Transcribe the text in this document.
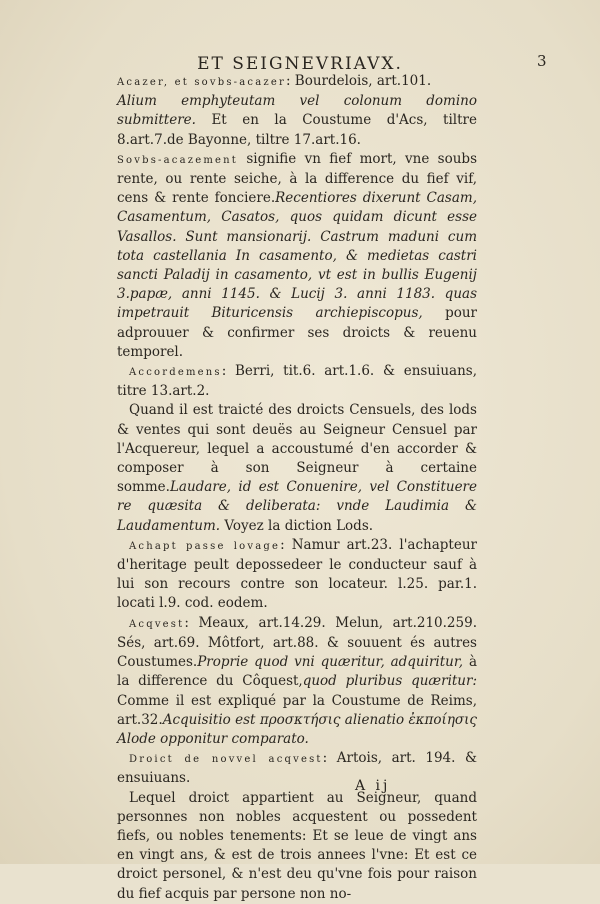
ET SEIGNEVRIAVX.	3

Acazer, et sovbs-acazer: Bourdelois, art.101.

Alium emphyteutam vel colonum domino submittere. Et en la Coustume d'Acs, tiltre 8.art.7.de Bayonne, tiltre 17.art.16.

Sovbs-acazement signifie vn fief mort, vne soubs rente, ou rente seiche, à la difference du fief vif, cens & rente fonciere.Recentiores dixerunt Casam, Casamentum, Casatos, quos quidam dicunt esse Vasallos. Sunt mansionarij. Castrum maduni cum tota castellania In casamento, & medietas castri sancti Paladij in casamento, vt est in bullis Eugenij 3.papæ, anni 1145. & Lucij 3. anni 1183. quas impetrauit Bituricensis archiepiscopus, pour adprouuer & confirmer ses droicts & reuenu temporel.

Accordemens: Berri, tit.6. art.1.6. & ensuiuans, titre 13.art.2.

Quand il est traicté des droicts Censuels, des lods & ventes qui sont deuës au Seigneur Censuel par l'Acquereur, lequel a accoustumé d'en accorder & composer à son Seigneur à certaine somme.Laudare, id est Conuenire, vel Constituere re quæsita & deliberata: vnde Laudimia & Laudamentum. Voyez la diction Lods.

Achapt passe lovage: Namur art.23. l'achapteur d'heritage peult depossedeer le conducteur sauf à lui son recours contre son locateur. l.25. par.1. locati l.9. cod. eodem.

Acqvest: Meaux, art.14.29. Melun, art.210.259. Sés, art.69. Môtfort, art.88. & souuent és autres Coustumes.Proprie quod vni quæritur, adquiritur, à la difference du Côquest,quod pluribus quæritur: Comme il est expliqué par la Coustume de Reims, art.32.Acquisitio est προσκτήσις alienatio ἐκποίησις Alode opponitur comparato.

Droict de novvel acqvest: Artois, art. 194. & ensuiuans.

Lequel droict appartient au Seigneur, quand personnes non nobles acquestent ou possedent fiefs, ou nobles tenements: Et se leue de vingt ans en vingt ans, & est de trois annees l'vne: Et est ce droict personel, & n'est deu qu'vne fois pour raison du fief acquis par persone non no-

A ij
